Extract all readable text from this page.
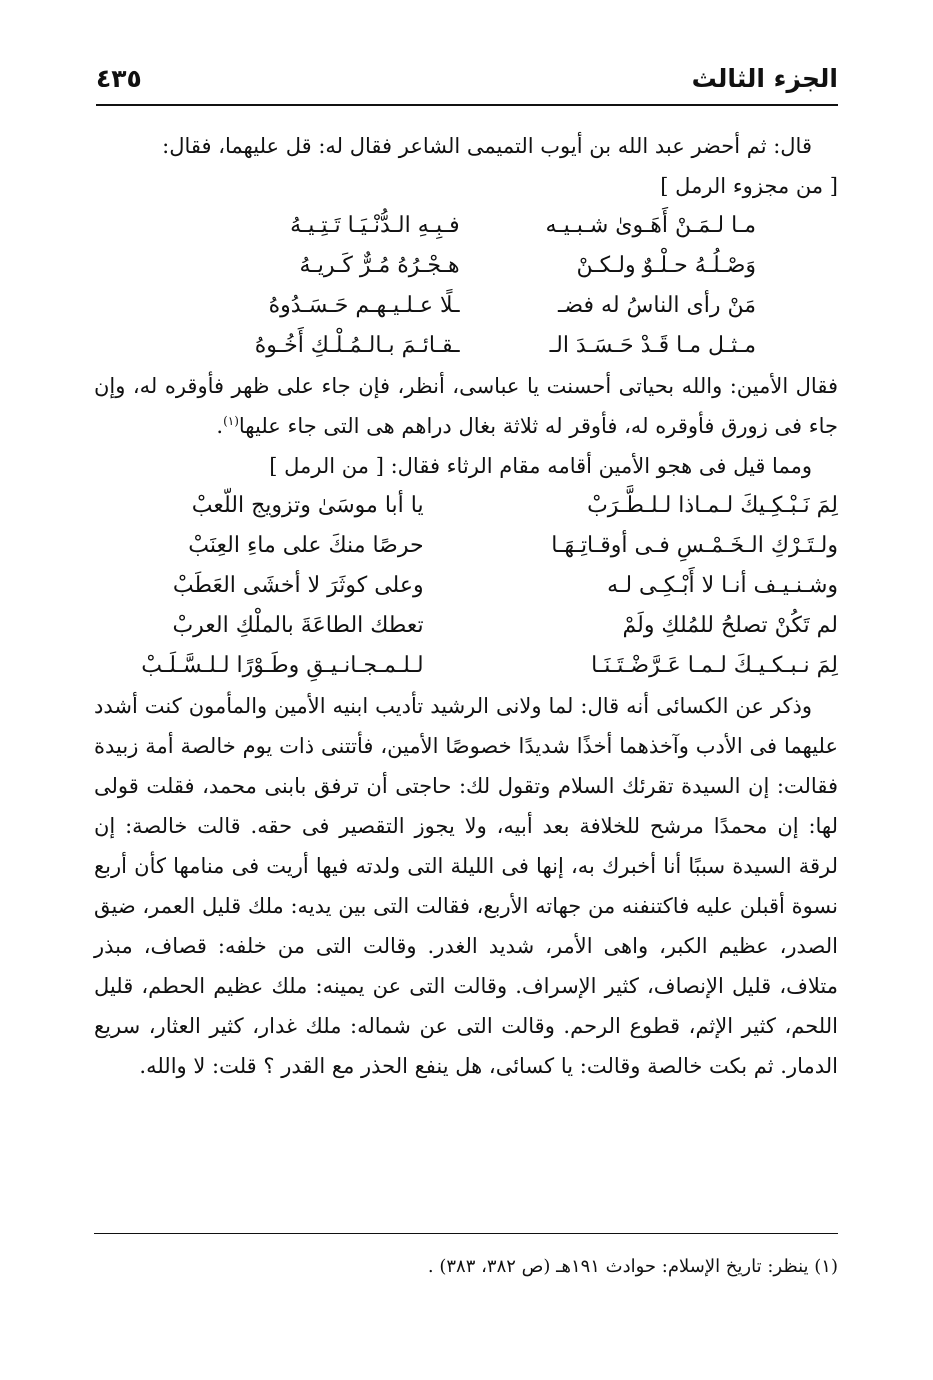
الجزء الثالث
٤٣٥

قال: ثم أحضر عبد الله بن أيوب التميمى الشاعر فقال له: قل عليهما، فقال:

[ من مجزوء الرمل ]

مـا لـمَـنْ أَهَـوىٰ شـبـيـه
فـبِـهِ الـدُّنْـيَـا تَـتِـيـهُ
وَصْـلُـهُ حـلْـوٌ ولـكـنْ
هـجْـرُهُ مُـرٌّ كَـريـهُ
مَنْ رأى الناسُ له فضـ
ـلًا عـلـيـهـم حَـسَـدُوهُ
مـثـل مـا قَـدْ حَـسَـدَ الـ
ـقـائـمَ بـالـمُـلْـكِ أَخُـوهُ

فقال الأمين: والله بحياتى أحسنت يا عباسى، أنظر، فإن جاء على ظهر فأوقره له، وإن جاء فى زورق فأوقره له، فأوقر له ثلاثة بغال دراهم هى التى جاء عليها$^{(١)}$.

ومما قيل فى هجو الأمين أقامه مقام الرثاء فقال: [ من الرمل ]

لِمَ نَـبْـكِـيكَ لـمـاذا لـلـطَّـرَبْ
يا أبا موسَىٰ وتزويج اللّعبْ
ولـتَـرْكِ الـخَـمْـسِ فـى أوقـاتِـهَـا
حرصًا منكَ على ماءِ العِنَبْ
وشـنـيـف أنـا لا أَبْـكِـى لـه
وعلى كوثَرَ لا أخشَى العَطَبْ
لم تَكُنْ تصلحُ للمُلكِ ولَمْ
تعطك الطاعَةَ بالملْكِ العربْ
لِمَ نـبـكـيـكَ لـمـا عَـرَّضْـتَـنَـا
لـلـمـجـانـيـقِ وطَـوْرًا لـلـسَّـلَـبْ

وذكر عن الكسائى أنه قال: لما ولانى الرشيد تأديب ابنيه الأمين والمأمون كنت أشدد عليهما فى الأدب وآخذهما أخذًا شديدًا خصوصًا الأمين، فأتتنى ذات يوم خالصة أمة زبيدة فقالت: إن السيدة تقرئك السلام وتقول لك: حاجتى أن ترفق بابنى محمد، فقلت قولى لها: إن محمدًا مرشح للخلافة بعد أبيه، ولا يجوز التقصير فى حقه. قالت خالصة: إن لرقة السيدة سببًا أنا أخبرك به، إنها فى الليلة التى ولدته فيها أريت فى منامها كأن أربع نسوة أقبلن عليه فاكتنفنه من جهاته الأربع، فقالت التى بين يديه: ملك قليل العمر، ضيق الصدر، عظيم الكبر، واهى الأمر، شديد الغدر. وقالت التى من خلفه: قصاف، مبذر متلاف، قليل الإنصاف، كثير الإسراف. وقالت التى عن يمينه: ملك عظيم الحطم، قليل اللحم، كثير الإثم، قطوع الرحم. وقالت التى عن شماله: ملك غدار، كثير العثار، سريع الدمار. ثم بكت خالصة وقالت: يا كسائى، هل ينفع الحذر مع القدر ؟ قلت: لا والله.

(١) ينظر: تاريخ الإسلام: حوادث ١٩١هـ (ص ٣٨٢، ٣٨٣) .
